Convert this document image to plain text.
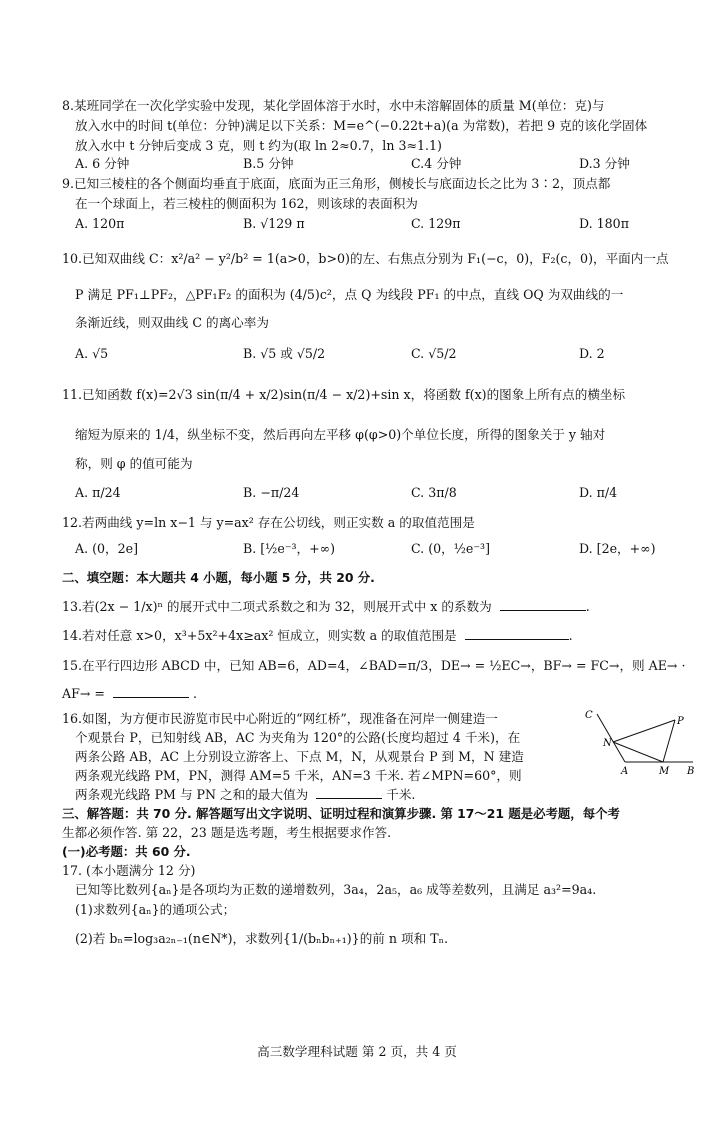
8.某班同学在一次化学实验中发现，某化学固体溶于水时，水中未溶解固体的质量 M(单位：克)与
放入水中的时间 t(单位：分钟)满足以下关系：M=e^(−0.22t+a)(a 为常数)，若把 9 克的该化学固体
放入水中 t 分钟后变成 3 克，则 t 约为(取 ln 2≈0.7，ln 3≈1.1)
A. 6 分钟	B.5 分钟	C.4 分钟	D.3 分钟
9.已知三棱柱的各个侧面均垂直于底面，底面为正三角形，侧棱长与底面边长之比为 3∶2，顶点都
在一个球面上，若三棱柱的侧面积为 162，则该球的表面积为
A. 120π	B. √129 π	C. 129π	D. 180π
10.已知双曲线 C：x²/a² − y²/b² = 1(a>0，b>0)的左、右焦点分别为 F₁(−c，0)，F₂(c，0)，平面内一点
P 满足 PF₁⊥PF₂，△PF₁F₂ 的面积为 (4/5)c²，点 Q 为线段 PF₁ 的中点，直线 OQ 为双曲线的一
条渐近线，则双曲线 C 的离心率为
A. √5	B. √5 或 √5/2	C. √5/2	D. 2
11.已知函数 f(x)=2√3 sin(π/4 + x/2)sin(π/4 − x/2)+sin x，将函数 f(x)的图象上所有点的横坐标
缩短为原来的 1/4，纵坐标不变，然后再向左平移 φ(φ>0)个单位长度，所得的图象关于 y 轴对
称，则 φ 的值可能为
A. π/24	B. −π/24	C. 3π/8	D. π/4
12.若两曲线 y=ln x−1 与 y=ax² 存在公切线，则正实数 a 的取值范围是
A. (0，2e]	B. [½e⁻³，+∞)	C. (0，½e⁻³]	D. [2e，+∞)
二、填空题：本大题共 4 小题，每小题 5 分，共 20 分.
13.若(2x − 1/x)ⁿ 的展开式中二项式系数之和为 32，则展开式中 x 的系数为	.
14.若对任意 x>0，x³+5x²+4x≥ax² 恒成立，则实数 a 的取值范围是	.
15.在平行四边形 ABCD 中，已知 AB=6，AD=4，∠BAD=π/3，DE→ = ½EC→，BF→ = FC→，则 AE→ ·
AF→ =	.
16.如图，为方便市民游览市民中心附近的“网红桥”，现准备在河岸一侧建造一
个观景台 P，已知射线 AB，AC 为夹角为 120°的公路(长度均超过 4 千米)，在
两条公路 AB，AC 上分别设立游客上、下点 M，N，从观景台 P 到 M，N 建造
两条观光线路 PM，PN，测得 AM=5 千米，AN=3 千米. 若∠MPN=60°，则
两条观光线路 PM 与 PN 之和的最大值为	千米.
C
P
N
A	M B
三、解答题：共 70 分. 解答题写出文字说明、证明过程和演算步骤. 第 17～21 题是必考题，每个考
生都必须作答. 第 22，23 题是选考题，考生根据要求作答.
(一)必考题：共 60 分.
17. (本小题满分 12 分)
已知等比数列{aₙ}是各项均为正数的递增数列，3a₄，2a₅，a₆ 成等差数列，且满足 a₃²=9a₄.
(1)求数列{aₙ}的通项公式；
(2)若 bₙ=log₃a₂ₙ₋₁(n∈N*)，求数列{1/(bₙbₙ₊₁)}的前 n 项和 Tₙ.
高三数学理科试题 第 2 页，共 4 页
